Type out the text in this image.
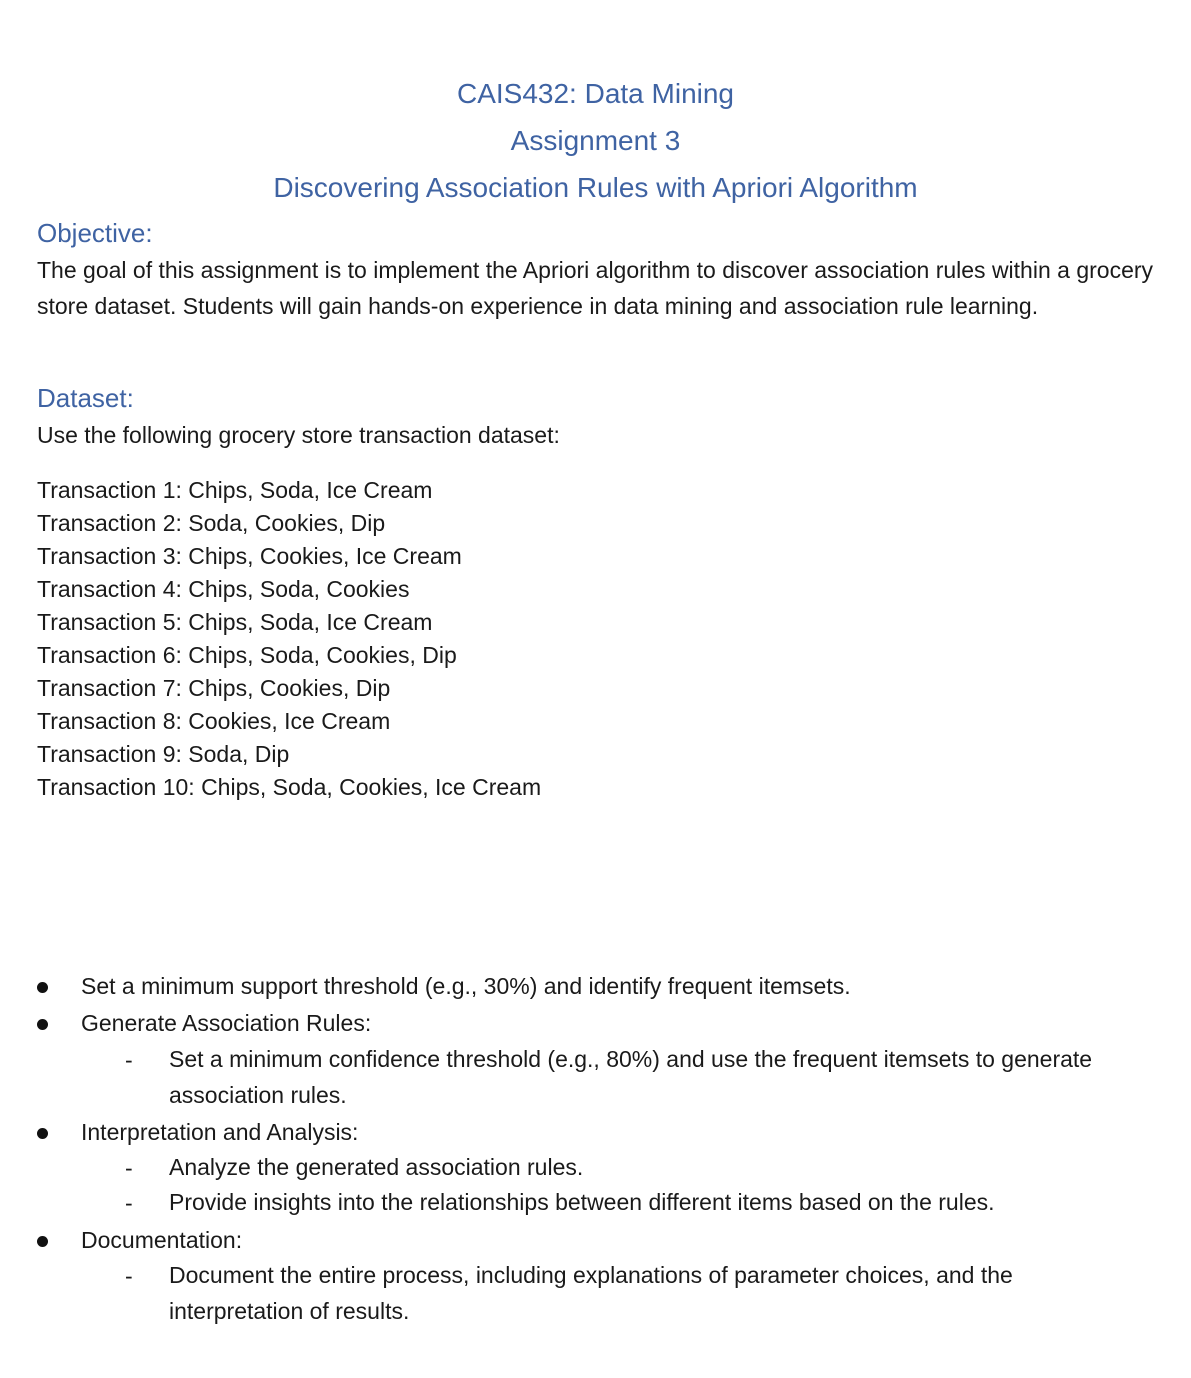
CAIS432: Data Mining
Assignment 3
Discovering Association Rules with Apriori Algorithm
Objective:
The goal of this assignment is to implement the Apriori algorithm to discover association rules within a grocery store dataset. Students will gain hands-on experience in data mining and association rule learning.
Dataset:
Use the following grocery store transaction dataset:
Transaction 1: Chips, Soda, Ice Cream
Transaction 2: Soda, Cookies, Dip
Transaction 3: Chips, Cookies, Ice Cream
Transaction 4: Chips, Soda, Cookies
Transaction 5: Chips, Soda, Ice Cream
Transaction 6: Chips, Soda, Cookies, Dip
Transaction 7: Chips, Cookies, Dip
Transaction 8: Cookies, Ice Cream
Transaction 9: Soda, Dip
Transaction 10: Chips, Soda, Cookies, Ice Cream
Set a minimum support threshold (e.g., 30%) and identify frequent itemsets.
Generate Association Rules:
- Set a minimum confidence threshold (e.g., 80%) and use the frequent itemsets to generate association rules.
Interpretation and Analysis:
- Analyze the generated association rules.
- Provide insights into the relationships between different items based on the rules.
Documentation:
- Document the entire process, including explanations of parameter choices, and the interpretation of results.
